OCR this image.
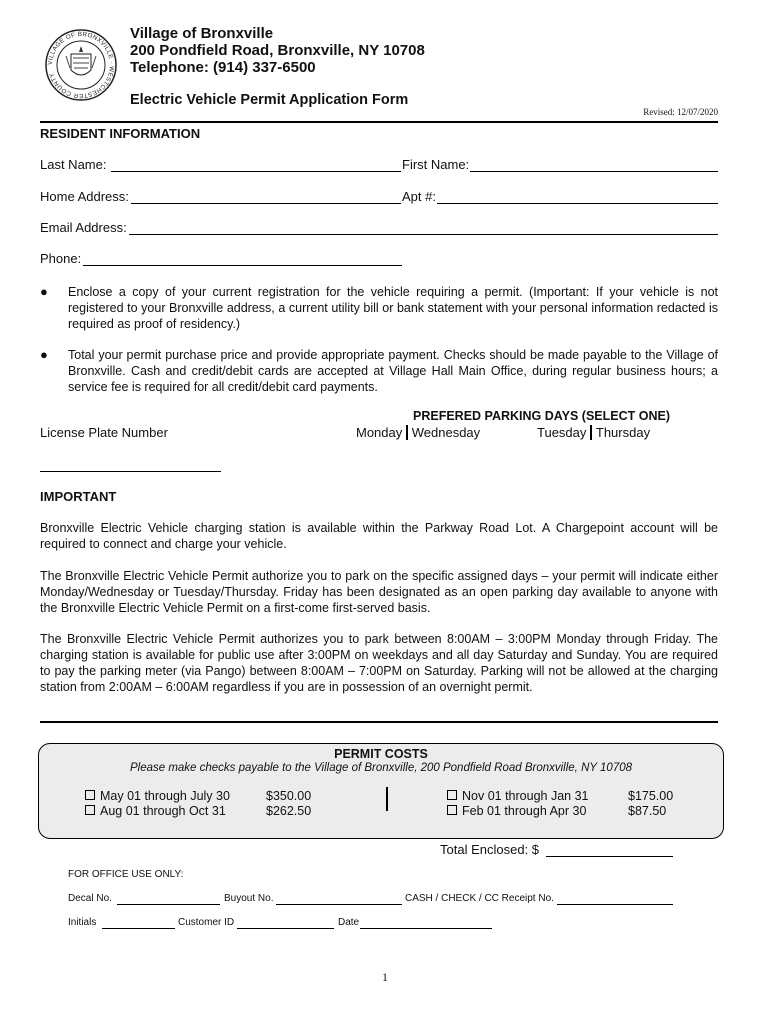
VILLAGE OF BRONXVILLE · WESTCHESTER COUNTY
Village of Bronxville
200 Pondfield Road, Bronxville, NY 10708
Telephone: (914) 337-6500
Electric Vehicle Permit Application Form
Revised: 12/07/2020
RESIDENT INFORMATION
Last Name:	First Name:
Home Address:	Apt #:
Email Address:
Phone:
● Enclose a copy of your current registration for the vehicle requiring a permit. (Important: If your vehicle is not registered to your Bronxville address, a current utility bill or bank statement with your personal information redacted is required as proof of residency.)
● Total your permit purchase price and provide appropriate payment. Checks should be made payable to the Village of Bronxville. Cash and credit/debit cards are accepted at Village Hall Main Office, during regular business hours; a service fee is required for all credit/debit card payments.
PREFERED PARKING DAYS (SELECT ONE)
License Plate Number	Monday Wednesday	Tuesday Thursday
IMPORTANT
Bronxville Electric Vehicle charging station is available within the Parkway Road Lot. A Chargepoint account will be required to connect and charge your vehicle.
The Bronxville Electric Vehicle Permit authorize you to park on the specific assigned days – your permit will indicate either Monday/Wednesday or Tuesday/Thursday. Friday has been designated as an open parking day available to anyone with the Bronxville Electric Vehicle Permit on a first-come first-served basis.
The Bronxville Electric Vehicle Permit authorizes you to park between 8:00AM – 3:00PM Monday through Friday. The charging station is available for public use after 3:00PM on weekdays and all day Saturday and Sunday. You are required to pay the parking meter (via Pango) between 8:00AM – 7:00PM on Saturday. Parking will not be allowed at the charging station from 2:00AM – 6:00AM regardless if you are in possession of an overnight permit.
PERMIT COSTS
Please make checks payable to the Village of Bronxville, 200 Pondfield Road Bronxville, NY 10708
May 01 through July 30	$350.00
Aug 01 through Oct 31	$262.50
Nov 01 through Jan 31	$175.00
Feb 01 through Apr 30	$87.50
Total Enclosed: $
FOR OFFICE USE ONLY:
Decal No.	Buyout No.	CASH / CHECK / CC Receipt No.
Initials	Customer ID	Date
1
